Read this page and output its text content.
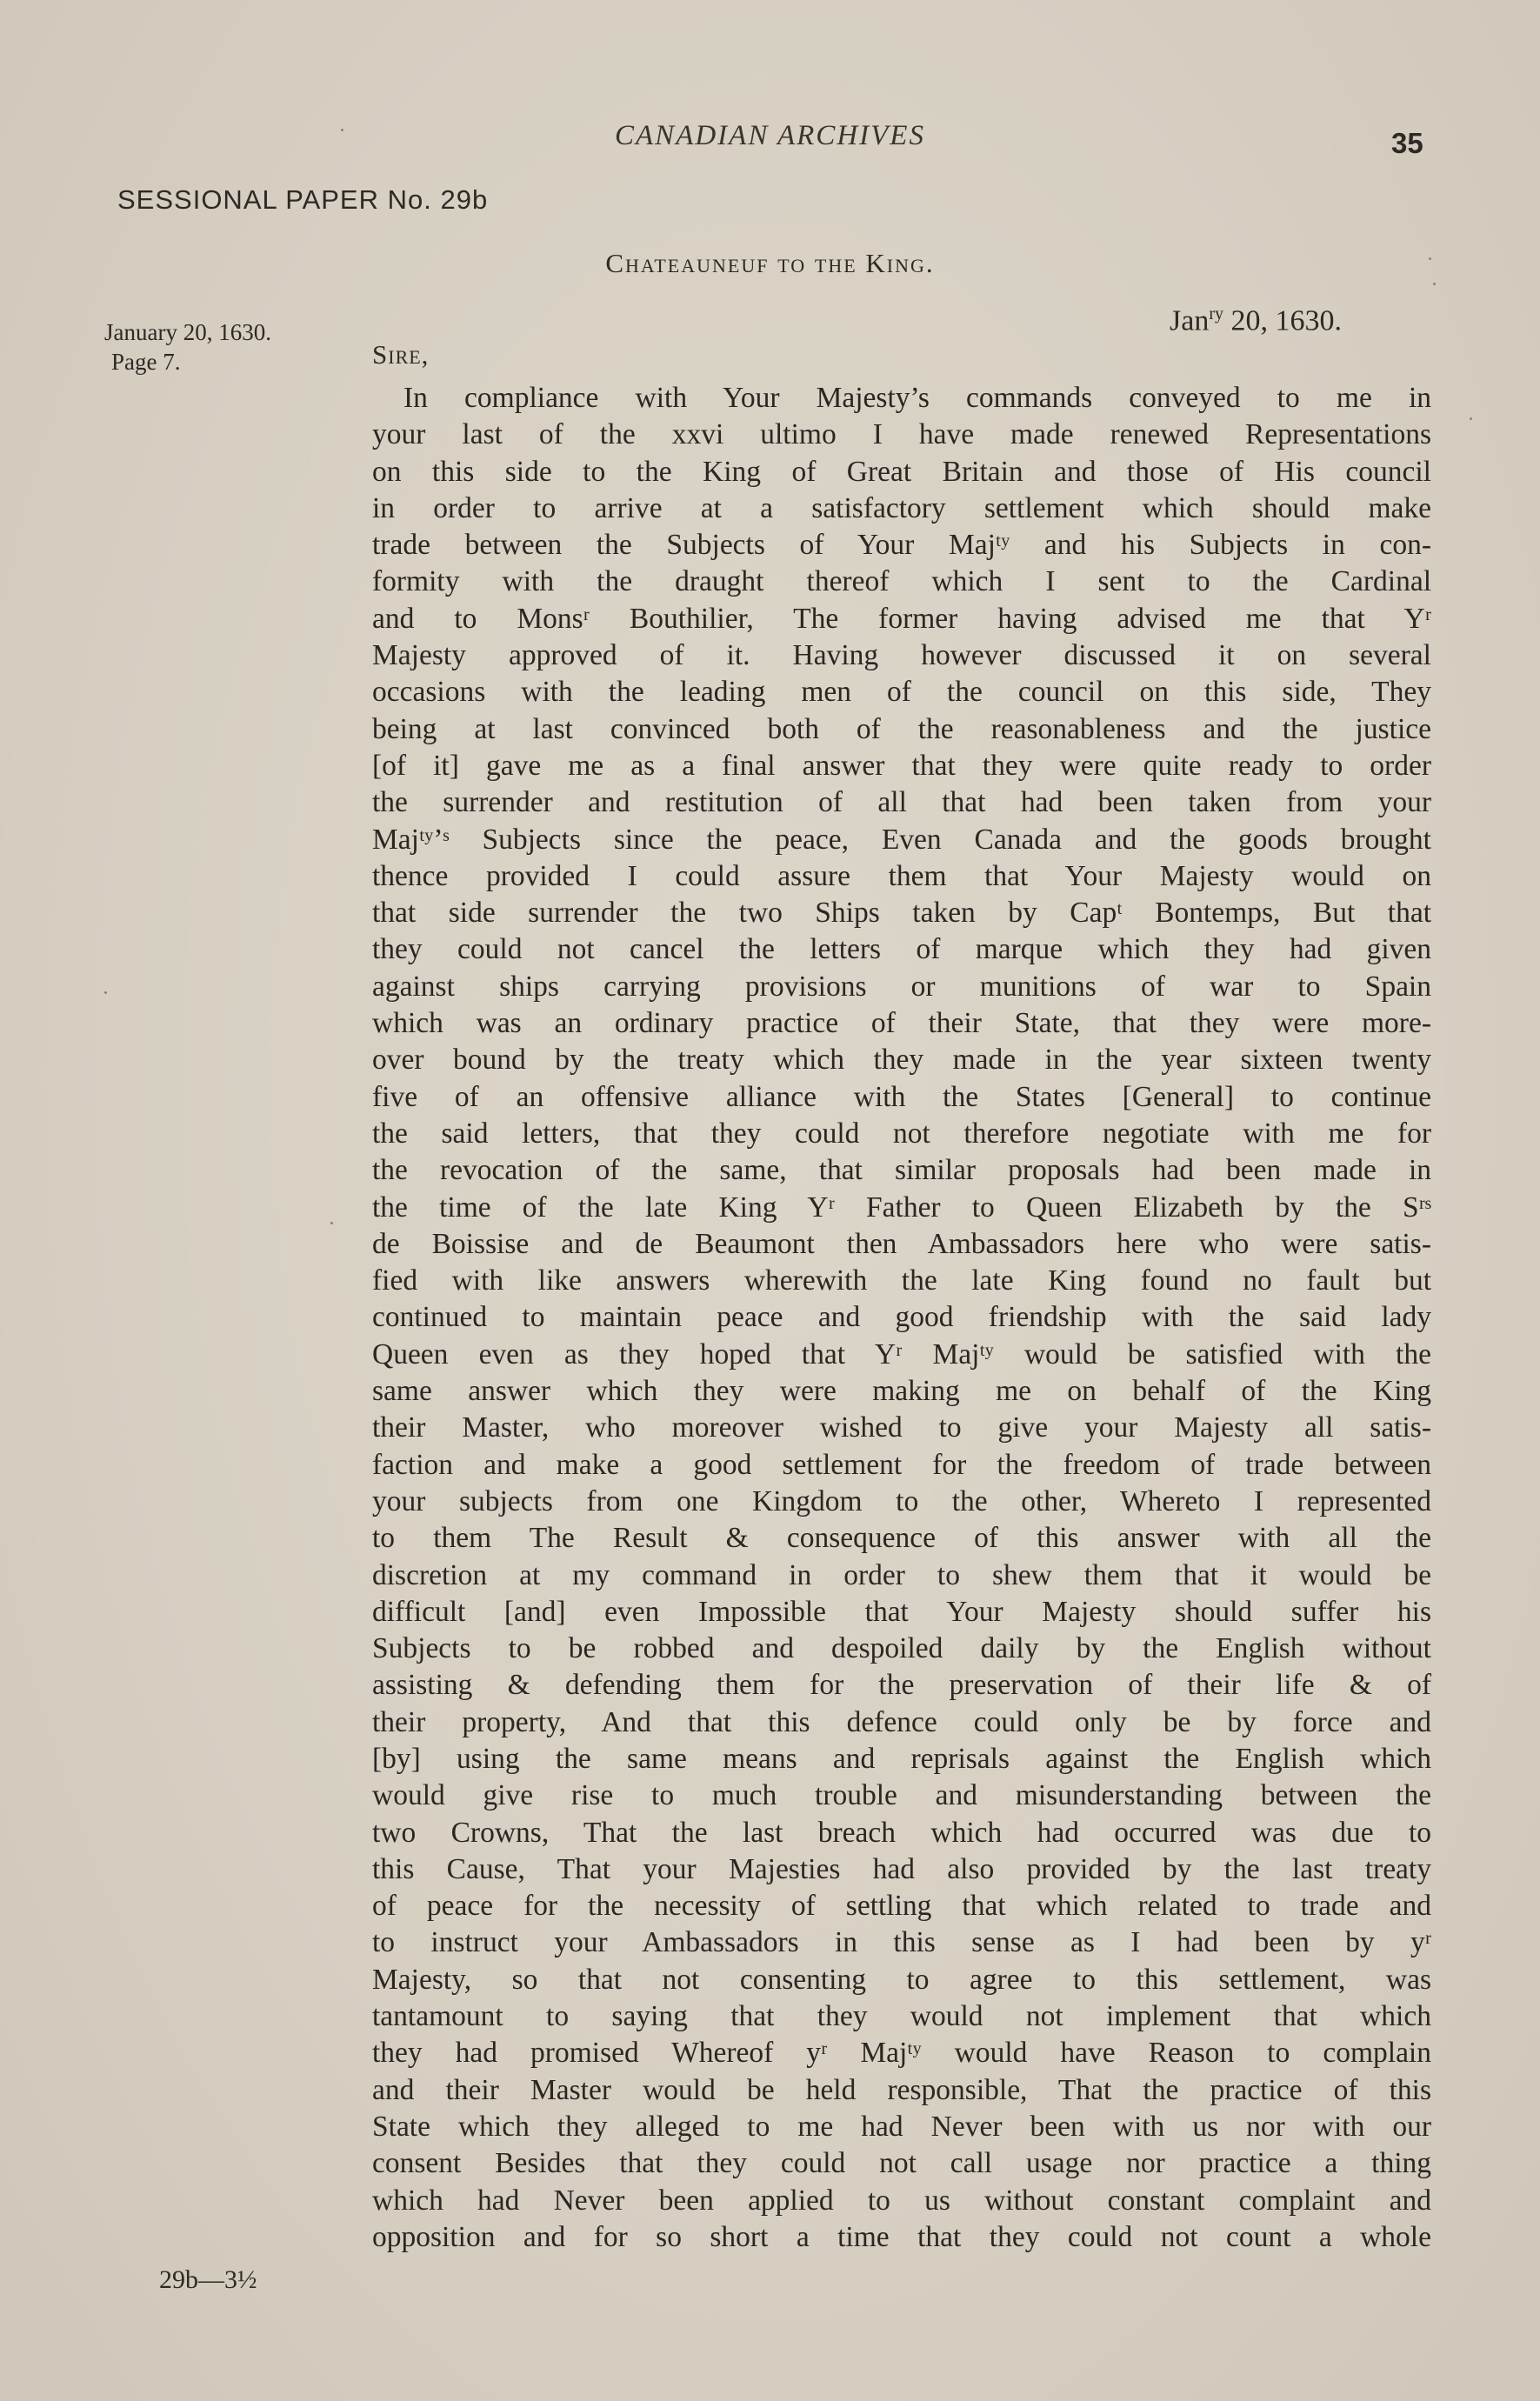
CANADIAN ARCHIVES	35
SESSIONAL PAPER No. 29b
Chateauneuf to the King.
Jan$^{ry}$ 20, 1630.
January 20, 1630.
Page 7.	Sire,
In compliance with Your Majesty’s commands conveyed to me in
your last of the xxvi ultimo I have made renewed Representations
on this side to the King of Great Britain and those of His council
in order to arrive at a satisfactory settlement which should make
trade between the Subjects of Your Majᵗʸ and his Subjects in con-
formity with the draught thereof which I sent to the Cardinal
and to Monsʳ Bouthilier, The former having advised me that Yʳ
Majesty approved of it. Having however discussed it on several
occasions with the leading men of the council on this side, They
being at last convinced both of the reasonableness and the justice
[of it] gave me as a final answer that they were quite ready to order
the surrender and restitution of all that had been taken from your
Majᵗʸ’ˢ Subjects since the peace, Even Canada and the goods brought
thence provided I could assure them that Your Majesty would on
that side surrender the two Ships taken by Capᵗ Bontemps, But that
they could not cancel the letters of marque which they had given
against ships carrying provisions or munitions of war to Spain
which was an ordinary practice of their State, that they were more-
over bound by the treaty which they made in the year sixteen twenty
five of an offensive alliance with the States [General] to continue
the said letters, that they could not therefore negotiate with me for
the revocation of the same, that similar proposals had been made in
the time of the late King Yʳ Father to Queen Elizabeth by the Sʳˢ
de Boissise and de Beaumont then Ambassadors here who were satis-
fied with like answers wherewith the late King found no fault but
continued to maintain peace and good friendship with the said lady
Queen even as they hoped that Yʳ Majᵗʸ would be satisfied with the
same answer which they were making me on behalf of the King
their Master, who moreover wished to give your Majesty all satis-
faction and make a good settlement for the freedom of trade between
your subjects from one Kingdom to the other, Whereto I represented
to them The Result & consequence of this answer with all the
discretion at my command in order to shew them that it would be
difficult [and] even Impossible that Your Majesty should suffer his
Subjects to be robbed and despoiled daily by the English without
assisting & defending them for the preservation of their life & of
their property, And that this defence could only be by force and
[by] using the same means and reprisals against the English which
would give rise to much trouble and misunderstanding between the
two Crowns, That the last breach which had occurred was due to
this Cause, That your Majesties had also provided by the last treaty
of peace for the necessity of settling that which related to trade and
to instruct your Ambassadors in this sense as I had been by yʳ
Majesty, so that not consenting to agree to this settlement, was
tantamount to saying that they would not implement that which
they had promised Whereof yʳ Majᵗʸ would have Reason to complain
and their Master would be held responsible, That the practice of this
State which they alleged to me had Never been with us nor with our
consent Besides that they could not call usage nor practice a thing
which had Never been applied to us without constant complaint and
opposition and for so short a time that they could not count a whole
29b—3½
